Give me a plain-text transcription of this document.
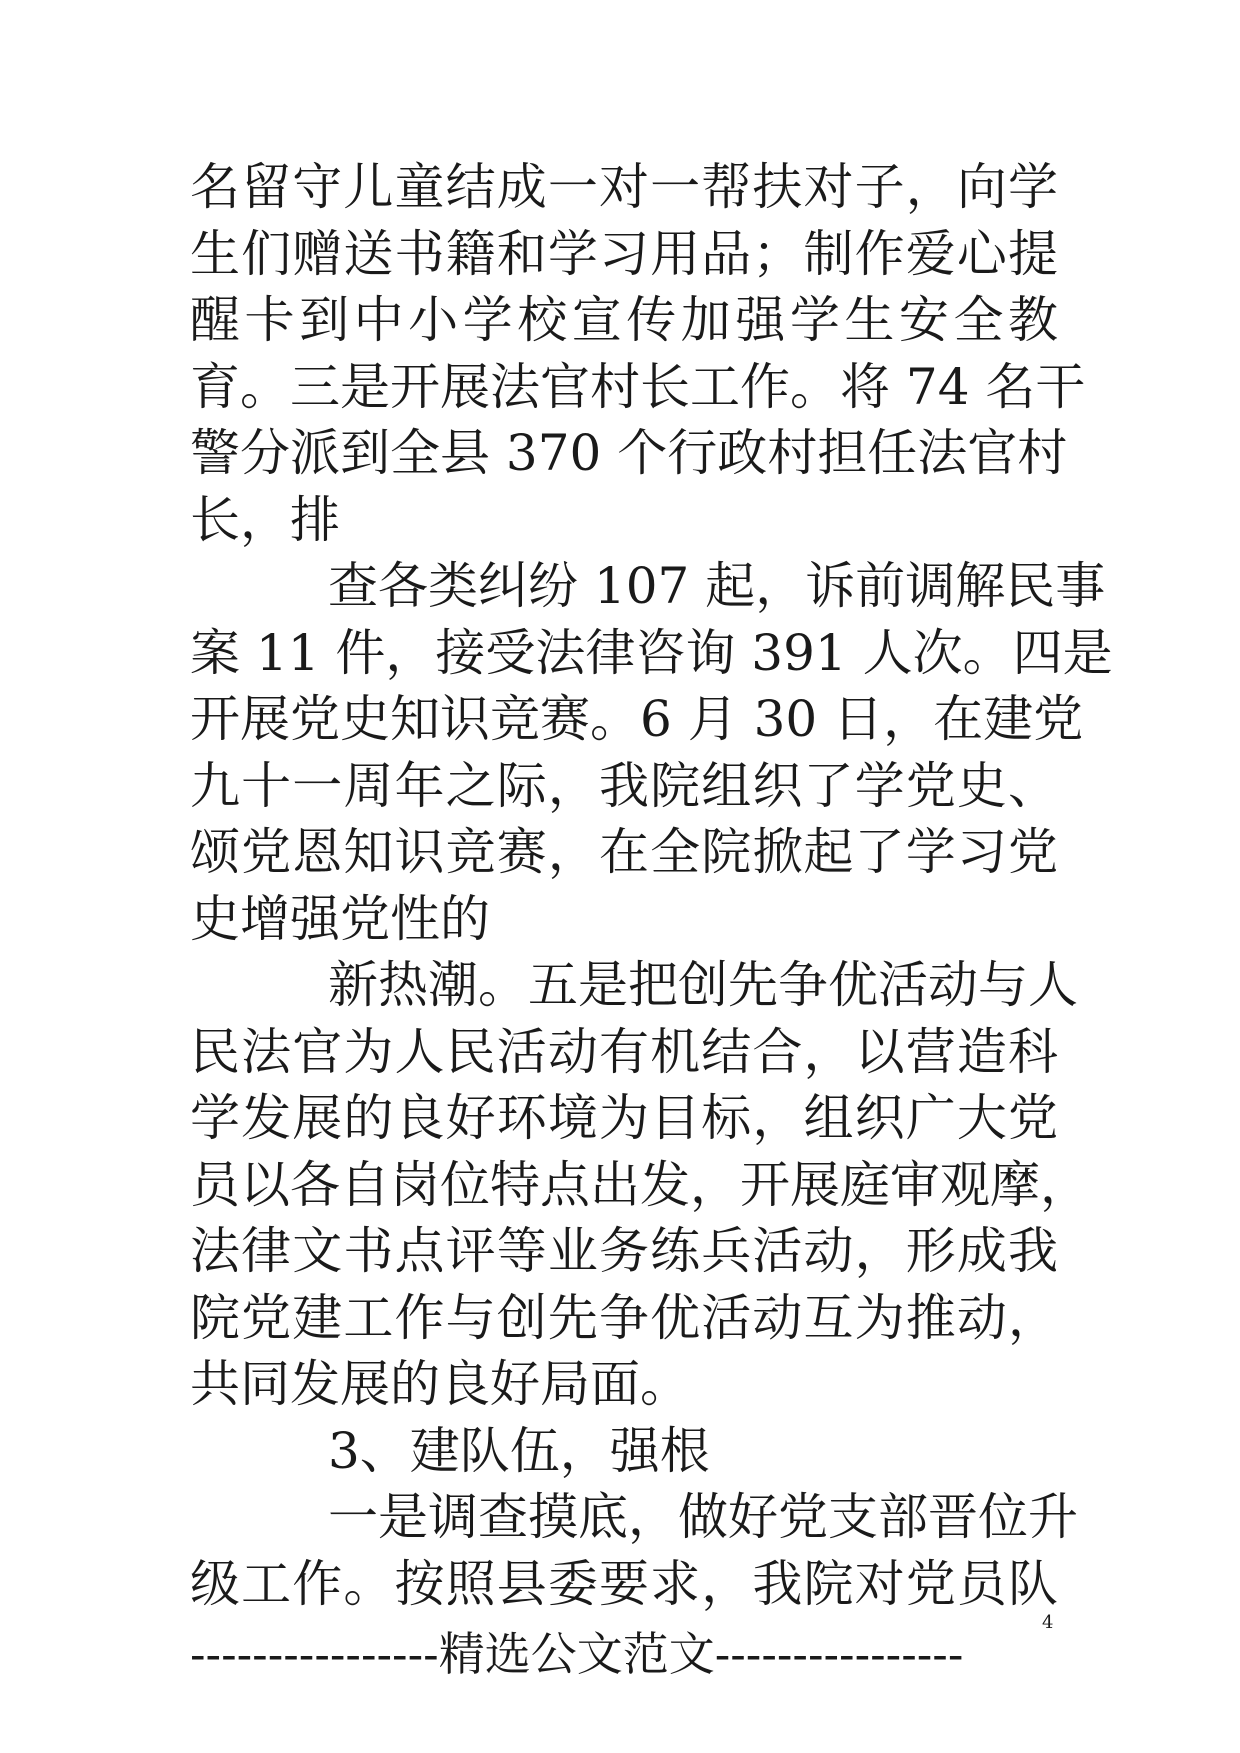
名留守儿童结成一对一帮扶对子，向学
生们赠送书籍和学习用品；制作爱心提
醒卡到中小学校宣传加强学生安全教
育。三是开展法官村长工作。将 74 名干
警分派到全县 370 个行政村担任法官村
长，排
查各类纠纷 107 起，诉前调解民事
案 11 件，接受法律咨询 391 人次。四是
开展党史知识竞赛。6 月 30 日，在建党
九十一周年之际，我院组织了学党史、
颂党恩知识竞赛，在全院掀起了学习党
史增强党性的
新热潮。五是把创先争优活动与人
民法官为人民活动有机结合，以营造科
学发展的良好环境为目标，组织广大党
员以各自岗位特点出发，开展庭审观摩，
法律文书点评等业务练兵活动，形成我
院党建工作与创先争优活动互为推动，
共同发展的良好局面。
3、建队伍，强根
一是调查摸底，做好党支部晋位升
级工作。按照县委要求，我院对党员队
----------------精选公文范文----------------
4
